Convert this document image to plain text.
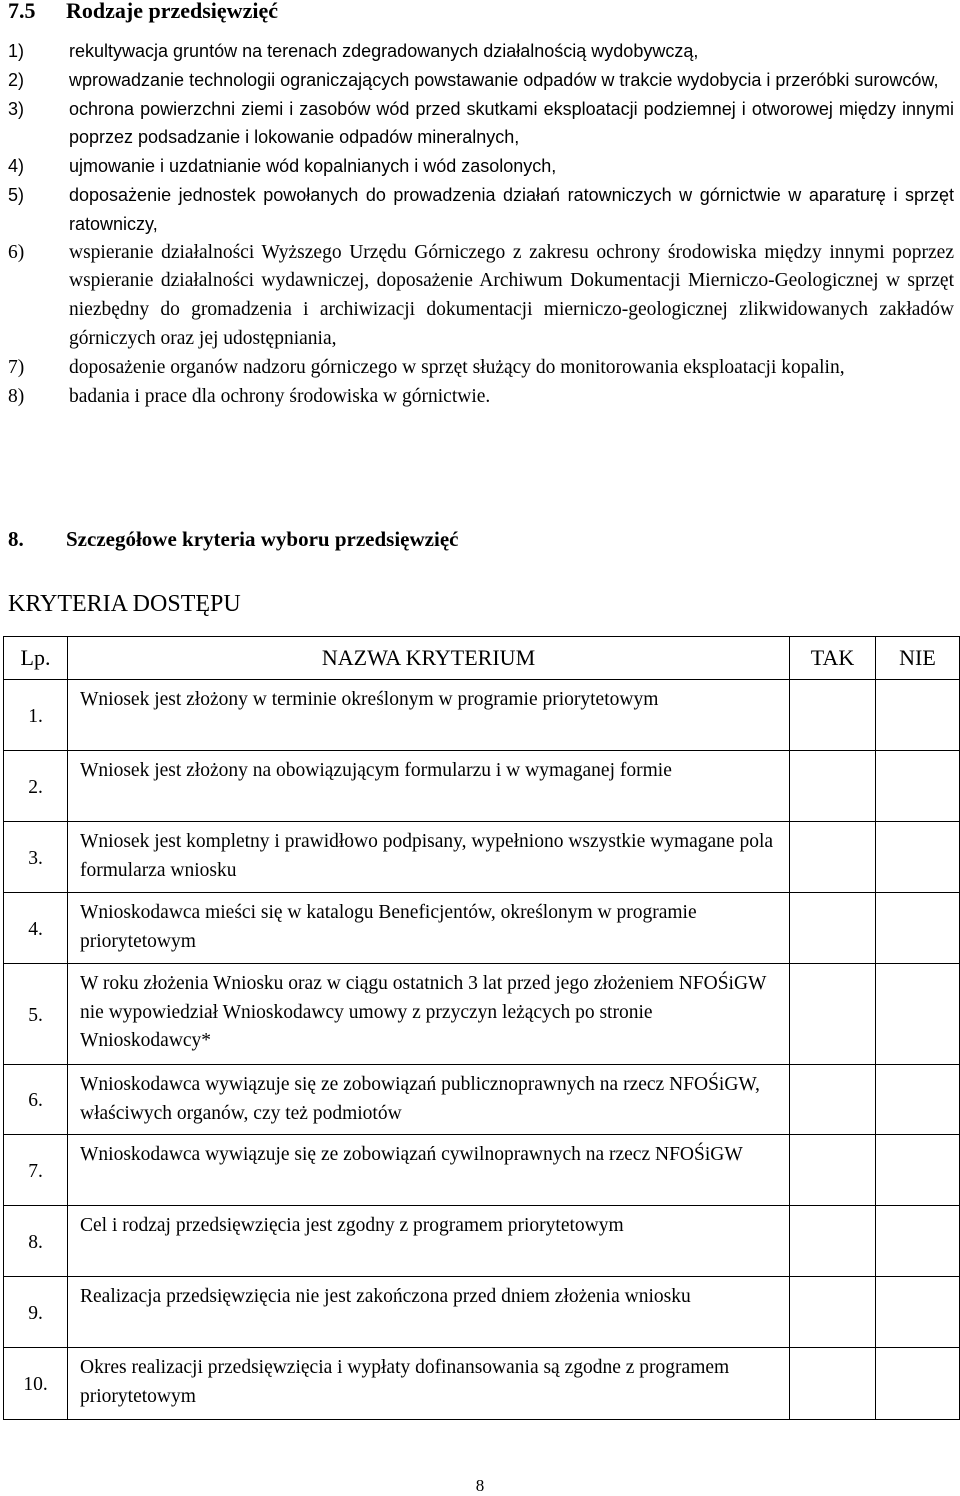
7.5 Rodzaje przedsięwzięć
1)	rekultywacja gruntów na terenach zdegradowanych działalnością wydobywczą,
2)	wprowadzanie technologii ograniczających powstawanie odpadów w trakcie wydobycia i przeróbki surowców,
3)	ochrona powierzchni ziemi i zasobów wód przed skutkami eksploatacji podziemnej i otworowej między innymi poprzez podsadzanie i lokowanie odpadów mineralnych,
4)	ujmowanie i uzdatnianie wód kopalnianych i wód zasolonych,
5)	doposażenie jednostek powołanych do prowadzenia działań ratowniczych w górnictwie w aparaturę i sprzęt ratowniczy,
6)	wspieranie działalności Wyższego Urzędu Górniczego z zakresu ochrony środowiska między innymi poprzez wspieranie działalności wydawniczej, doposażenie Archiwum Dokumentacji Mierniczo-Geologicznej w sprzęt niezbędny do gromadzenia i archiwizacji dokumentacji mierniczo-geologicznej zlikwidowanych zakładów górniczych oraz jej udostępniania,
7)	doposażenie organów nadzoru górniczego w sprzęt służący do monitorowania eksploatacji kopalin,
8)	badania i prace dla ochrony środowiska w górnictwie.
8. Szczegółowe kryteria wyboru przedsięwzięć
KRYTERIA DOSTĘPU
Lp.	NAZWA KRYTERIUM	TAK	NIE
1.	Wniosek jest złożony w terminie określonym w programie priorytetowym		
2.	Wniosek jest złożony na obowiązującym formularzu i w wymaganej formie		
3.	Wniosek jest kompletny i prawidłowo podpisany, wypełniono wszystkie wymagane pola formularza wniosku		
4.	Wnioskodawca mieści się w katalogu Beneficjentów, określonym w programie priorytetowym		
5.	W roku złożenia Wniosku oraz w ciągu ostatnich 3 lat przed jego złożeniem NFOŚiGW nie wypowiedział Wnioskodawcy umowy z przyczyn leżących po stronie Wnioskodawcy*		
6.	Wnioskodawca wywiązuje się ze zobowiązań publicznoprawnych na rzecz NFOŚiGW, właściwych organów, czy też podmiotów		
7.	Wnioskodawca wywiązuje się ze zobowiązań cywilnoprawnych na rzecz NFOŚiGW		
8.	Cel i rodzaj przedsięwzięcia jest zgodny z programem priorytetowym		
9.	Realizacja przedsięwzięcia nie jest zakończona przed dniem złożenia wniosku		
10.	Okres realizacji przedsięwzięcia i wypłaty dofinansowania są zgodne z programem priorytetowym		
8
